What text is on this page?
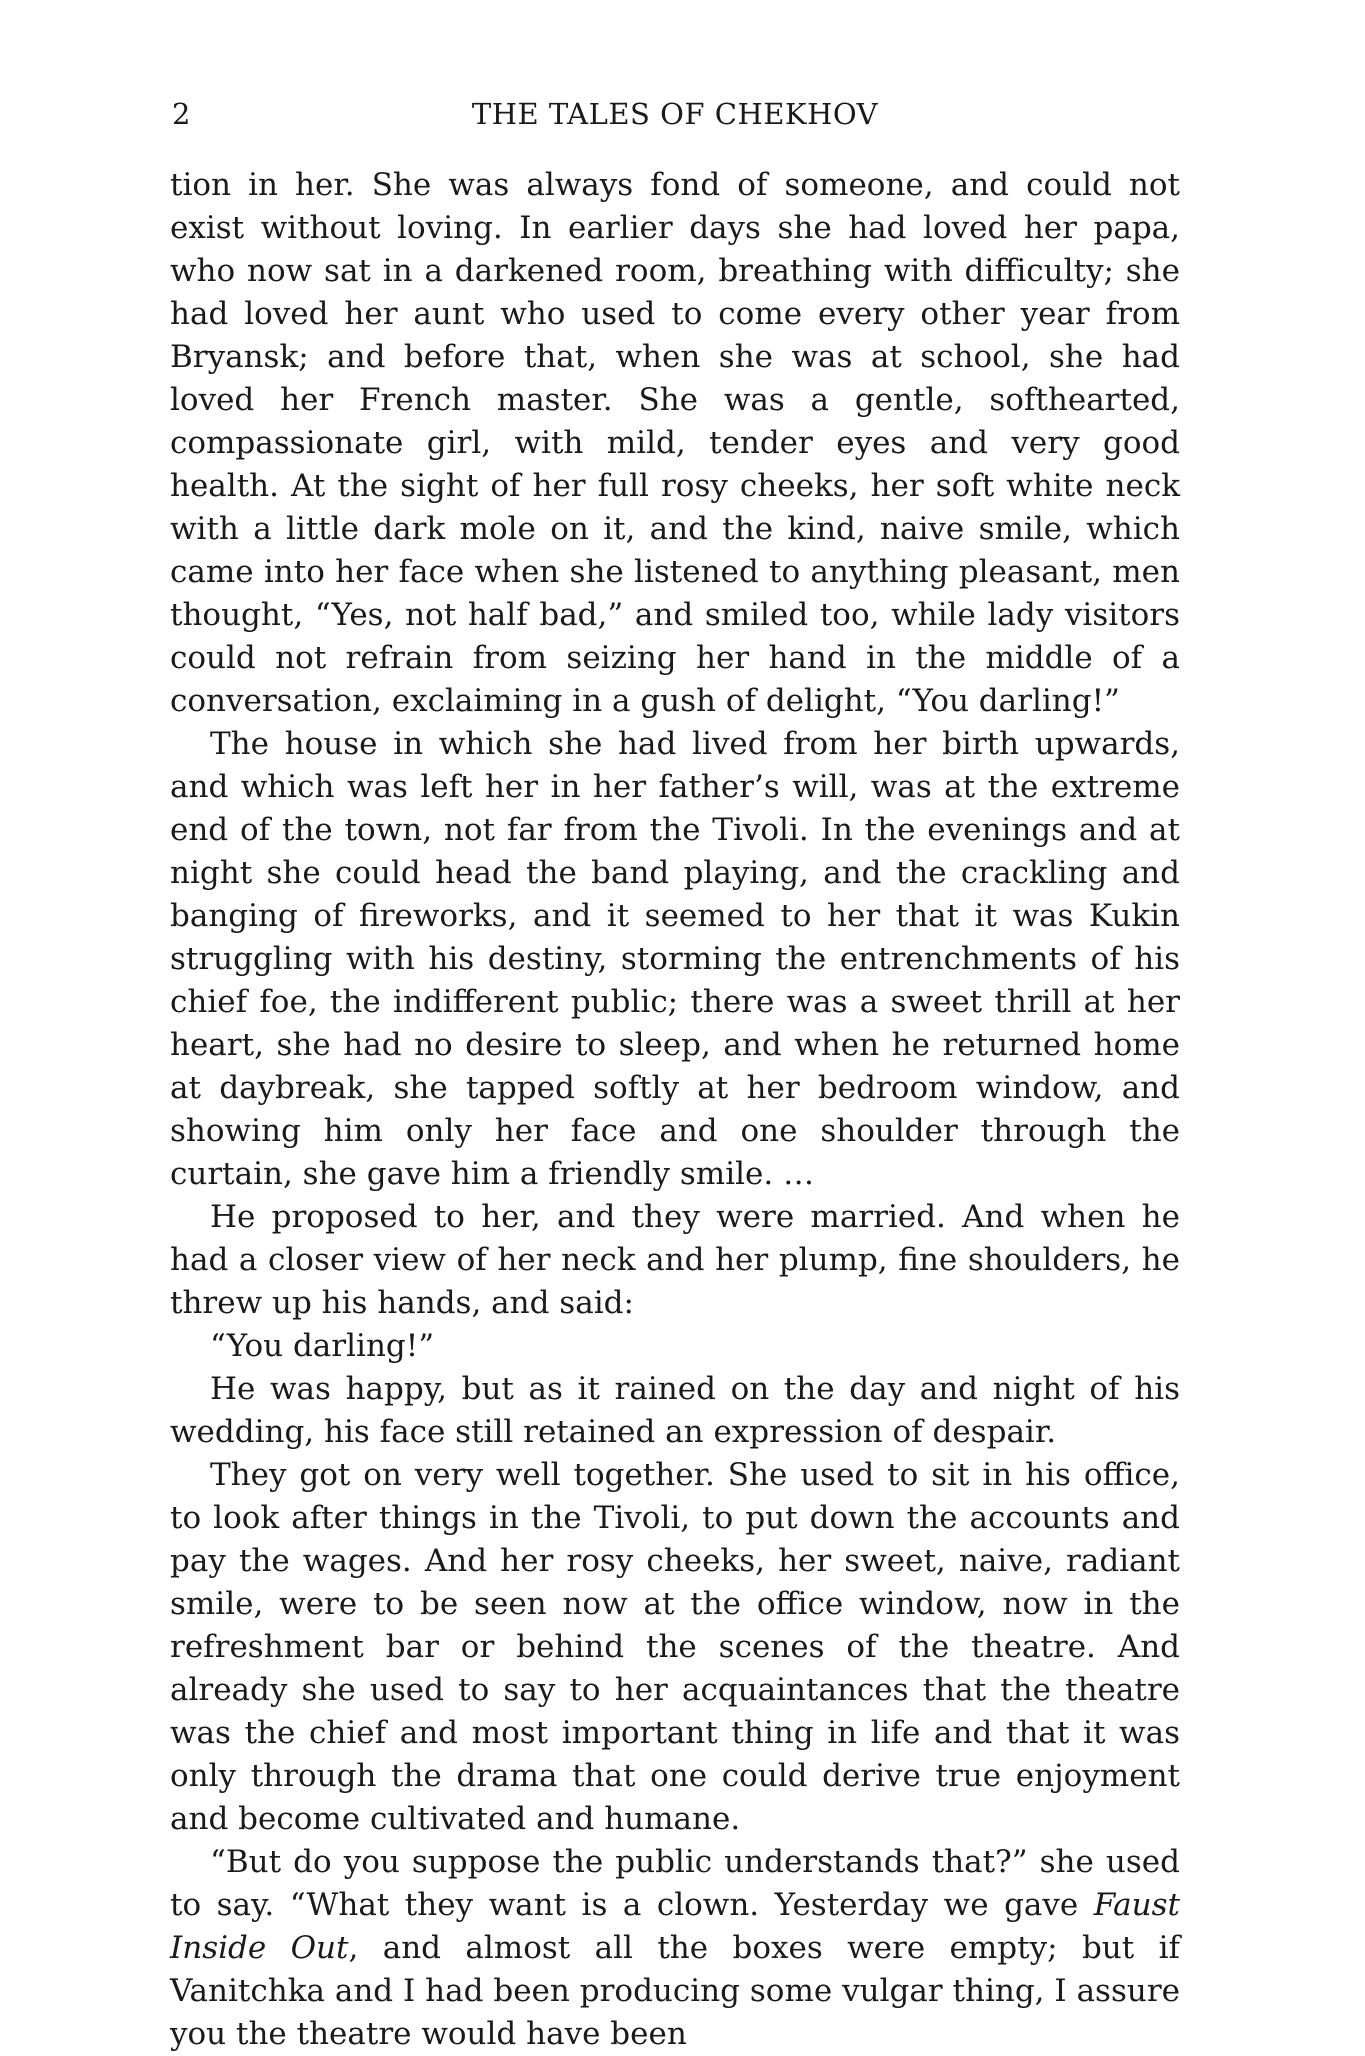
2	THE TALES OF CHEKHOV

tion in her. She was always fond of someone, and could not exist without loving. In earlier days she had loved her papa, who now sat in a darkened room, breathing with difficulty; she had loved her aunt who used to come every other year from Bryansk; and before that, when she was at school, she had loved her French master. She was a gentle, softhearted, compassionate girl, with mild, tender eyes and very good health. At the sight of her full rosy cheeks, her soft white neck with a little dark mole on it, and the kind, naive smile, which came into her face when she listened to anything pleasant, men thought, “Yes, not half bad,” and smiled too, while lady visitors could not refrain from seizing her hand in the middle of a conversation, exclaiming in a gush of delight, “You darling!”

The house in which she had lived from her birth upwards, and which was left her in her father’s will, was at the extreme end of the town, not far from the Tivoli. In the evenings and at night she could head the band playing, and the crackling and banging of fireworks, and it seemed to her that it was Kukin struggling with his destiny, storming the entrenchments of his chief foe, the indifferent public; there was a sweet thrill at her heart, she had no desire to sleep, and when he returned home at daybreak, she tapped softly at her bedroom window, and showing him only her face and one shoulder through the curtain, she gave him a friendly smile. …

He proposed to her, and they were married. And when he had a closer view of her neck and her plump, fine shoulders, he threw up his hands, and said:

“You darling!”

He was happy, but as it rained on the day and night of his wedding, his face still retained an expression of despair.

They got on very well together. She used to sit in his office, to look after things in the Tivoli, to put down the accounts and pay the wages. And her rosy cheeks, her sweet, naive, radiant smile, were to be seen now at the office window, now in the refreshment bar or behind the scenes of the theatre. And already she used to say to her acquaintances that the theatre was the chief and most important thing in life and that it was only through the drama that one could derive true enjoyment and become cultivated and humane.

“But do you suppose the public understands that?” she used to say. “What they want is a clown. Yesterday we gave Faust Inside Out, and almost all the boxes were empty; but if Vanitchka and I had been producing some vulgar thing, I assure you the theatre would have been
